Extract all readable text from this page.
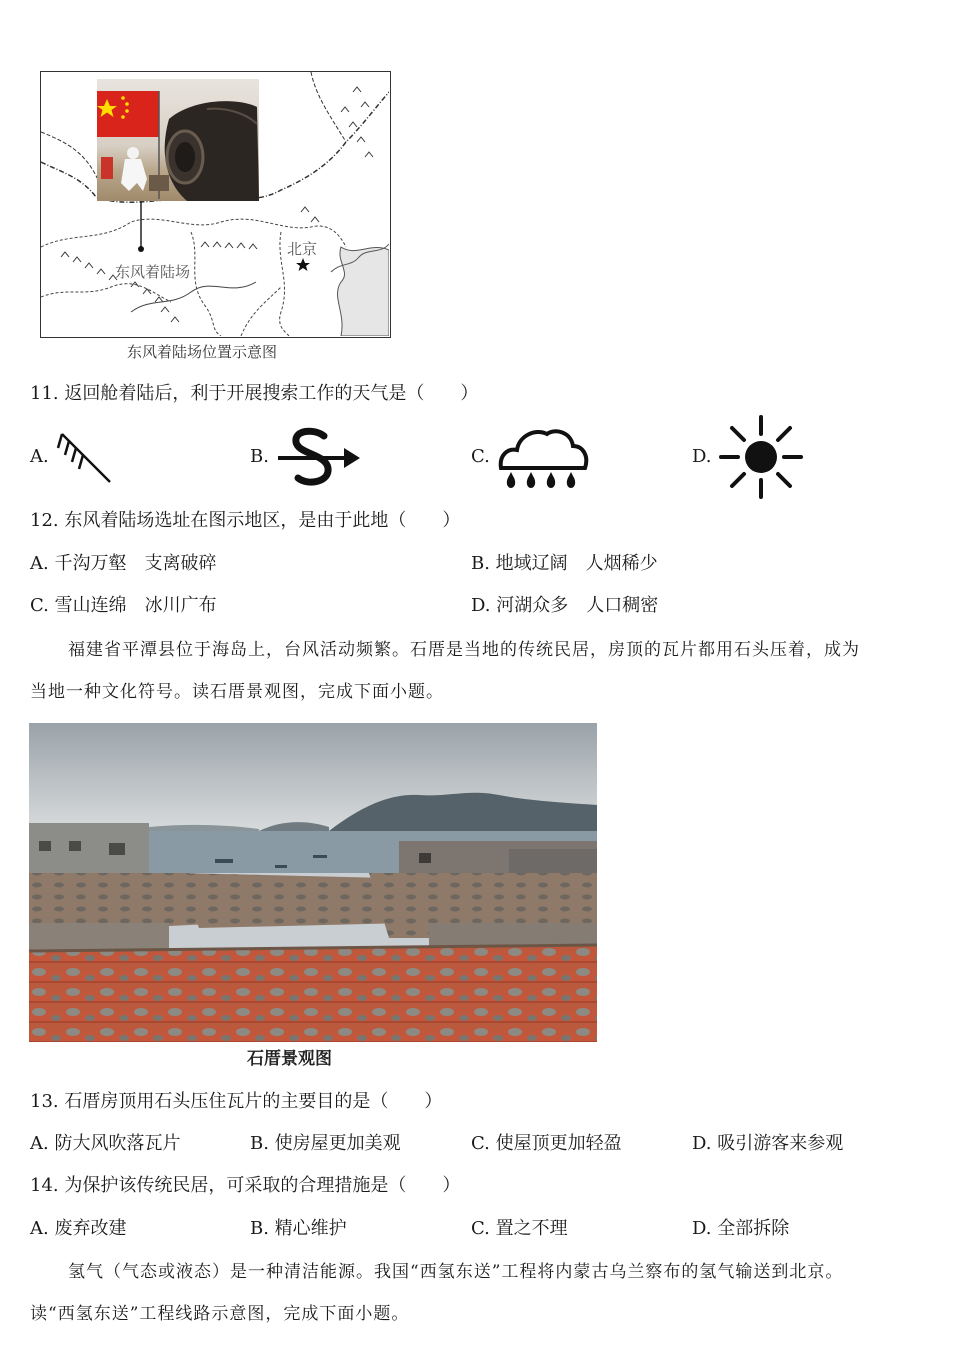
北京
东风着陆场
东风着陆场位置示意图
11. 返回舱着陆后，利于开展搜索工作的天气是（　　）
A.	B.	C.	D.
12. 东风着陆场选址在图示地区，是由于此地（　　）
A. 千沟万壑　支离破碎	B. 地域辽阔　人烟稀少
C. 雪山连绵　冰川广布	D. 河湖众多　人口稠密
福建省平潭县位于海岛上，台风活动频繁。石厝是当地的传统民居，房顶的瓦片都用石头压着，成为
当地一种文化符号。读石厝景观图，完成下面小题。
石厝景观图
13. 石厝房顶用石头压住瓦片的主要目的是（　　）
A. 防大风吹落瓦片	B. 使房屋更加美观	C. 使屋顶更加轻盈	D. 吸引游客来参观
14. 为保护该传统民居，可采取的合理措施是（　　）
A. 废弃改建	B. 精心维护	C. 置之不理	D. 全部拆除
氢气（气态或液态）是一种清洁能源。我国“西氢东送”工程将内蒙古乌兰察布的氢气输送到北京。
读“西氢东送”工程线路示意图，完成下面小题。
